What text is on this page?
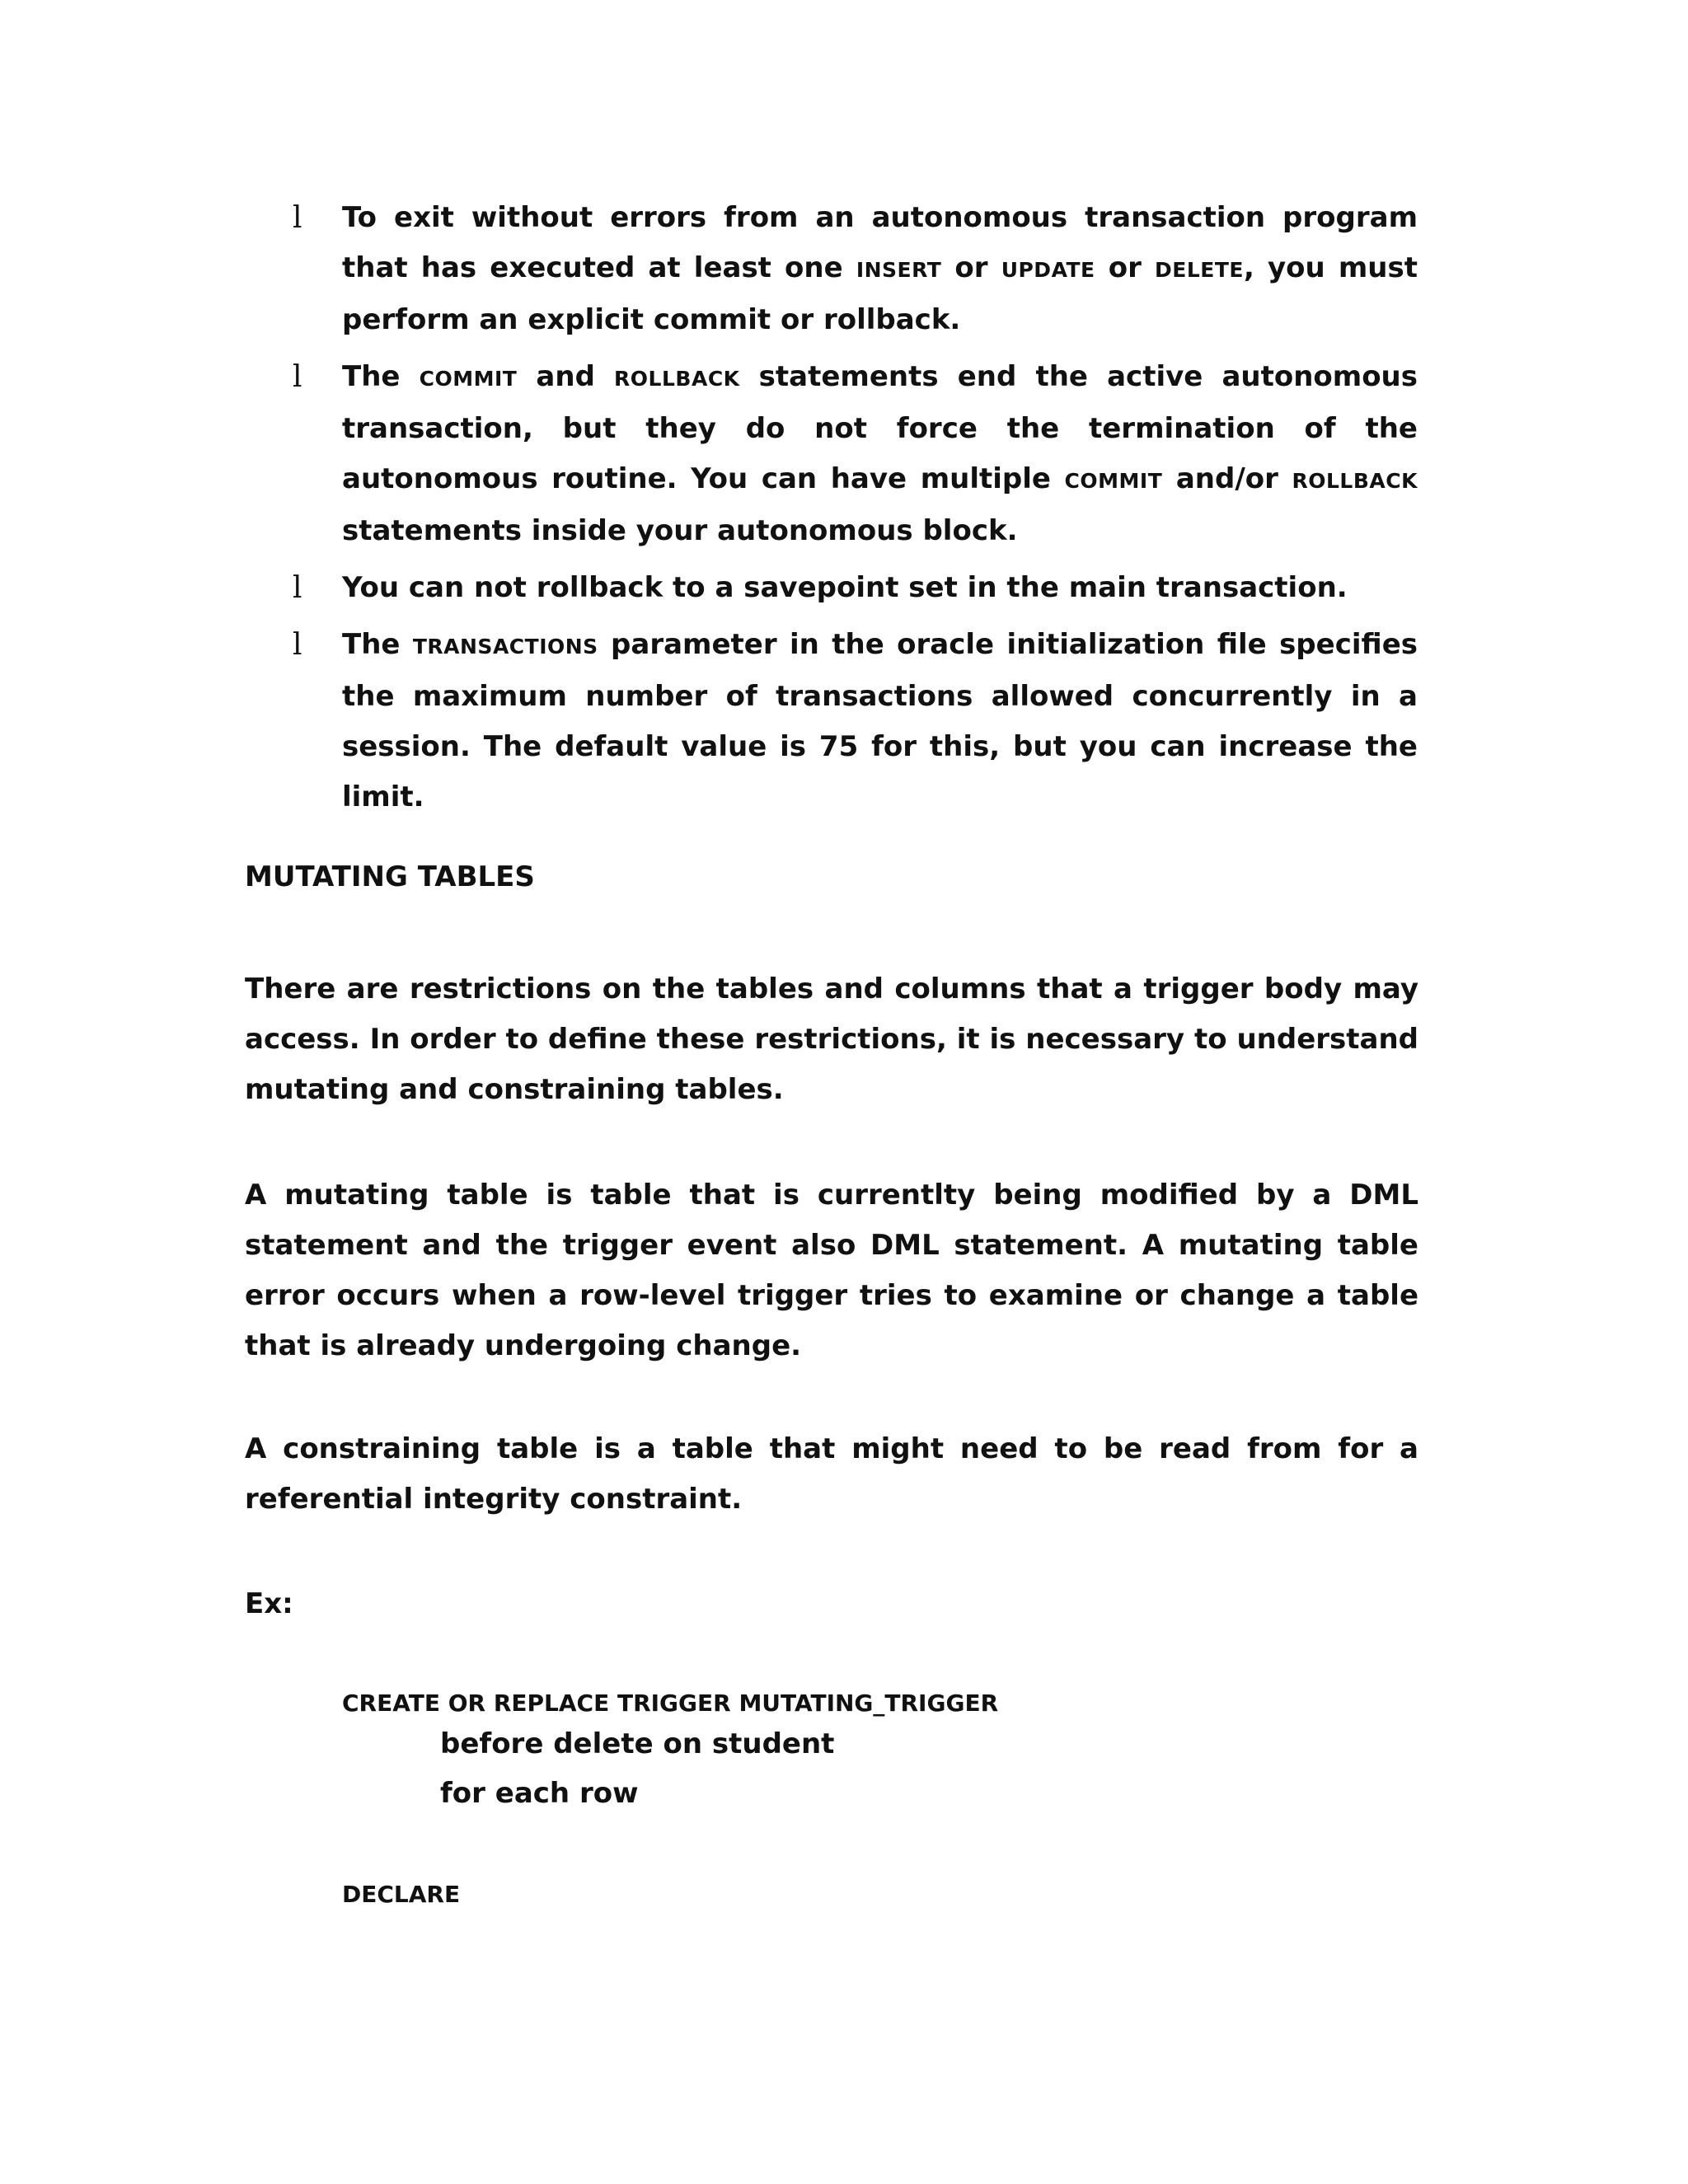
l To exit without errors from an autonomous transaction program that has executed at least one INSERT or UPDATE or DELETE, you must perform an explicit commit or rollback.
l The COMMIT and ROLLBACK statements end the active autonomous transaction, but they do not force the termination of the autonomous routine. You can have multiple COMMIT and/or ROLLBACK statements inside your autonomous block.
l You can not rollback to a savepoint set in the main transaction.
l The TRANSACTIONS parameter in the oracle initialization file specifies the maximum number of transactions allowed concurrently in a session. The default value is 75 for this, but you can increase the limit.
MUTATING TABLES

There are restrictions on the tables and columns that a trigger body may access. In order to define these restrictions, it is necessary to understand mutating and constraining tables.

A mutating table is table that is currentlty being modified by a DML statement and the trigger event also DML statement. A mutating table error occurs when a row-level trigger tries to examine or change a table that is already undergoing change.

A constraining table is a table that might need to be read from for a referential integrity constraint.

Ex:
CREATE OR REPLACE TRIGGER MUTATING_TRIGGER
before delete on student
for each row
DECLARE
